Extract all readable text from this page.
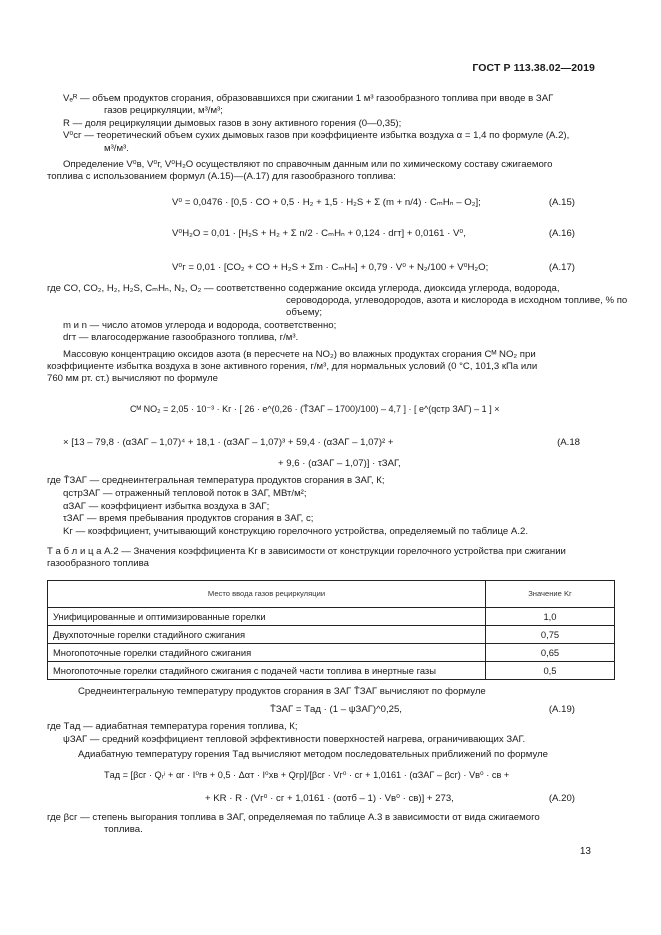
ГОСТ Р 113.38.02—2019
Vₑᴿ — объем продуктов сгорания, образовавшихся при сжигании 1 м³ газообразного топлива при вводе в ЗАГ
газов рециркуляции, м³/м³;
R — доля рециркуляции дымовых газов в зону активного горения (0—0,35);
V⁰сг — теоретический объем сухих дымовых газов при коэффициенте избытка воздуха α = 1,4 по формуле (А.2),
м³/м³.
Определение V⁰в, V⁰г, V⁰H₂O осуществляют по справочным данным или по химическому составу сжигаемого
топлива с использованием формул (А.15)—(А.17) для газообразного топлива:
V⁰ = 0,0476 · [0,5 · CO + 0,5 · H₂ + 1,5 · H₂S + Σ (m + n/4) · CₘHₙ – O₂];	(А.15)
V⁰H₂O = 0,01 · [H₂S + H₂ + Σ n/2 · CₘHₙ + 0,124 · dгт] + 0,0161 · V⁰,	(А.16)
V⁰г = 0,01 · [CO₂ + CO + H₂S + Σm · CₘHₙ] + 0,79 · V⁰ + N₂/100 + V⁰H₂O;	(А.17)
где CO, CO₂, H₂, H₂S, CₘHₙ, N₂, O₂ — соответственно содержание оксида углерода, диоксида углерода, водорода,
сероводорода, углеводородов, азота и кислорода в исходном топливе, % по
объему;
m и n — число атомов углерода и водорода, соответственно;
dгт — влагосодержание газообразного топлива, г/м³.
Массовую концентрацию оксидов азота (в пересчете на NO₂) во влажных продуктах сгорания Cᴹ NO₂ при
коэффициенте избытка воздуха в зоне активного горения, г/м³, для нормальных условий (0 °С, 101,3 кПа или
760 мм рт. ст.) вычисляют по формуле
Cᴹ NO₂ = 2,05 · 10⁻³ · Kг · [ 26 · e^(0,26 · (T̄ЗАГ – 1700)/100) – 4,7 ] · [ e^(qстр ЗАГ) – 1 ] ×
× [13 – 79,8 · (αЗАГ – 1,07)⁴ + 18,1 · (αЗАГ – 1,07)³ + 59,4 · (αЗАГ – 1,07)² +	(А.18
+ 9,6 · (αЗАГ – 1,07)] · τЗАГ,
где T̄ЗАГ — среднеинтегральная температура продуктов сгорания в ЗАГ, К;
qстрЗАГ — отраженный тепловой поток в ЗАГ, МВт/м²;
αЗАГ — коэффициент избытка воздуха в ЗАГ;
τЗАГ — время пребывания продуктов сгорания в ЗАГ, с;
Kг — коэффициент, учитывающий конструкцию горелочного устройства, определяемый по таблице А.2.
Т а б л и ц а А.2 — Значения коэффициента Kг в зависимости от конструкции горелочного устройства при сжигании
газообразного топлива
Место ввода газов рециркуляции	Значение Kг
Унифицированные и оптимизированные горелки	1,0
Двухпоточные горелки стадийного сжигания	0,75
Многопоточные горелки стадийного сжигания	0,65
Многопоточные горелки стадийного сжигания с подачей части топлива в инертные газы	0,5
Среднеинтегральную температуру продуктов сгорания в ЗАГ T̄ЗАГ вычисляют по формуле
T̄ЗАГ = Tад · (1 – ψЗАГ)^0,25,	(А.19)
где Tад — адиабатная температура горения топлива, К;
ψЗАГ — средний коэффициент тепловой эффективности поверхностей нагрева, ограничивающих ЗАГ.
Адиабатную температуру горения Tад вычисляют методом последовательных приближений по формуле
Tад = [βсг · Qᵣⁱ + αг · I⁰гв + 0,5 · Δαт · I⁰хв + Qгр]/[βсг · Vг⁰ · cг + 1,0161 · (αЗАГ – βсг) · Vв⁰ · cв +
+ KR · R · (Vг⁰ · cг + 1,0161 · (αотб – 1) · Vв⁰ · cв)] + 273,	(А.20)
где βсг — степень выгорания топлива в ЗАГ, определяемая по таблице А.3 в зависимости от вида сжигаемого
топлива.
13
